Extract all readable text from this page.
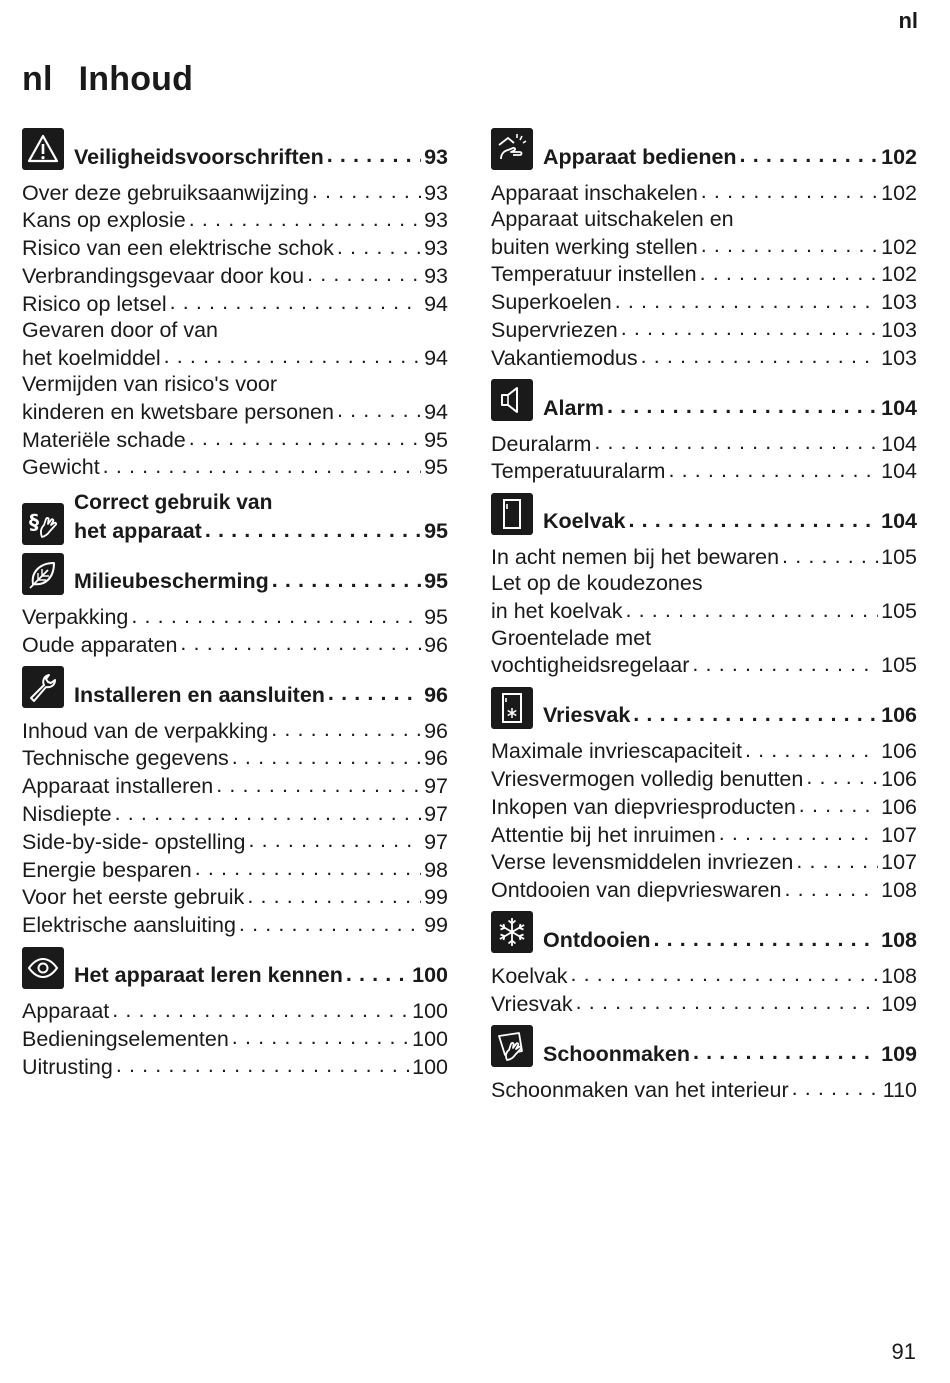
nl
nl Inhoud
Veiligheidsvoorschriften . . .	93
Over deze gebruiksaanwijzing . . .	93
Kans op explosie . . .	93
Risico van een elektrische schok . . .	93
Verbrandingsgevaar door kou . . .	93
Risico op letsel . . .	94
Gevaren door of van
het koelmiddel . . .	94
Vermijden van risico's voor
kinderen en kwetsbare personen . . .	94
Materiële schade . . .	95
Gewicht . . .	95
§
Correct gebruik van
het apparaat . . .	95
Milieubescherming . . .	95
Verpakking . . .	95
Oude apparaten . . .	96
Installeren en aansluiten . . .	96
Inhoud van de verpakking . . .	96
Technische gegevens . . .	96
Apparaat installeren . . .	97
Nisdiepte . . .	97
Side-by-side- opstelling . . .	97
Energie besparen . . .	98
Voor het eerste gebruik . . .	99
Elektrische aansluiting . . .	99
Het apparaat leren kennen . . .	100
Apparaat . . .	100
Bedieningselementen . . .	100
Uitrusting . . .	100
Apparaat bedienen . . .	102
Apparaat inschakelen . . .	102
Apparaat uitschakelen en
buiten werking stellen . . .	102
Temperatuur instellen . . .	102
Superkoelen . . .	103
Supervriezen . . .	103
Vakantiemodus . . .	103
Alarm . . .	104
Deuralarm . . .	104
Temperatuuralarm . . .	104
Koelvak . . .	104
In acht nemen bij het bewaren . . .	105
Let op de koudezones
in het koelvak . . .	105
Groentelade met
vochtigheidsregelaar . . .	105
Vriesvak . . .	106
Maximale invriescapaciteit . . .	106
Vriesvermogen volledig benutten . . .	106
Inkopen van diepvriesproducten . . .	106
Attentie bij het inruimen . . .	107
Verse levensmiddelen invriezen . . .	107
Ontdooien van diepvrieswaren . . .	108
Ontdooien . . .	108
Koelvak . . .	108
Vriesvak . . .	109
Schoonmaken . . .	109
Schoonmaken van het interieur . . .	110
91
